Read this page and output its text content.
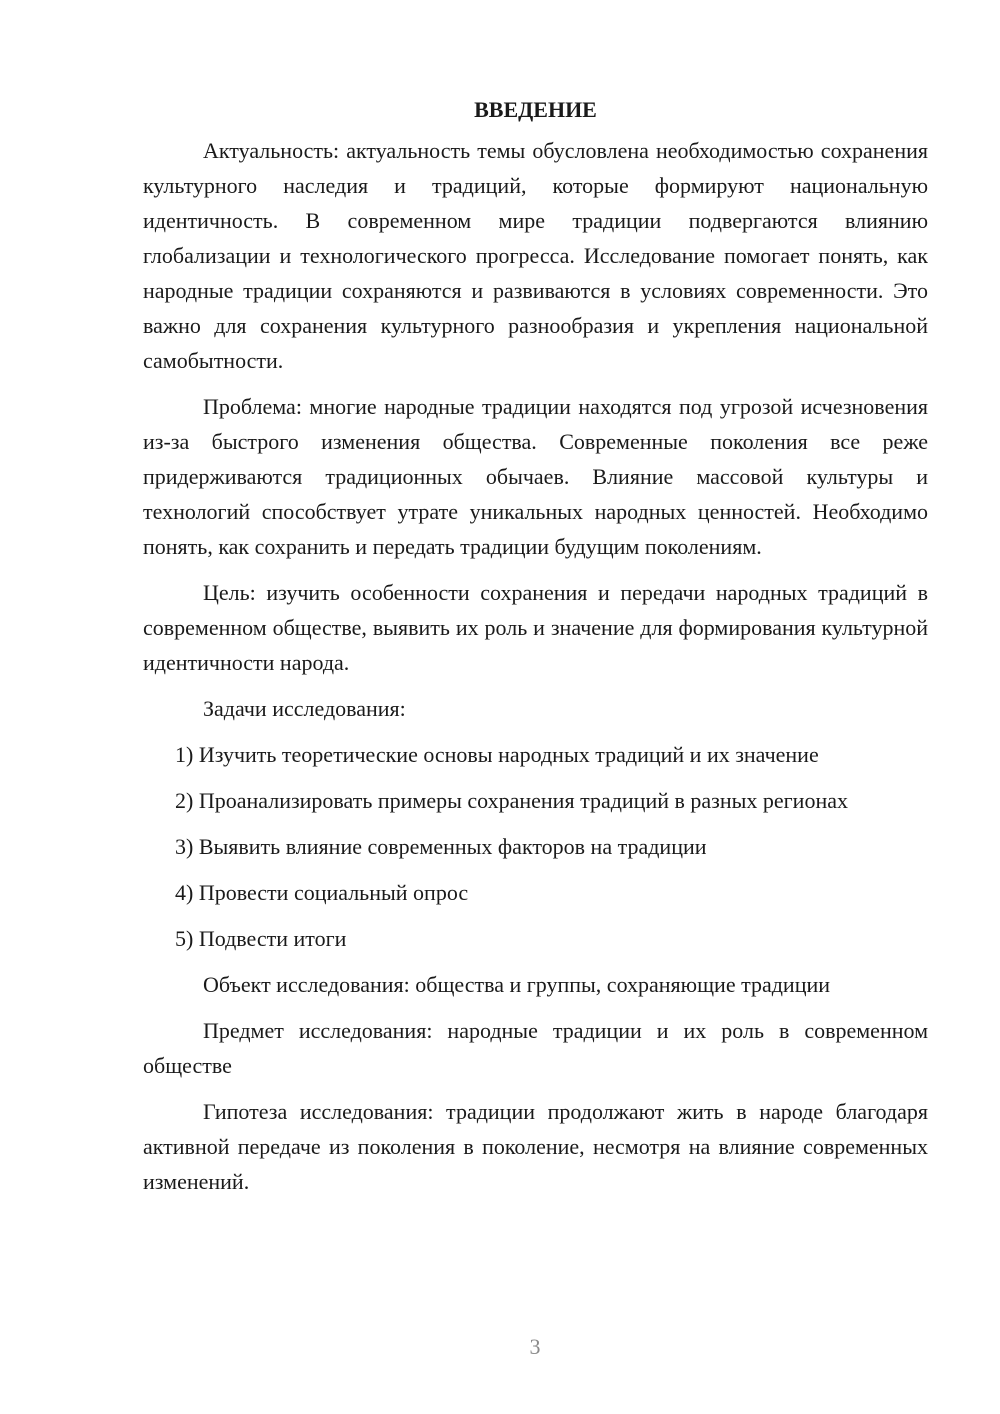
ВВЕДЕНИЕ

Актуальность: актуальность темы обусловлена необходимостью сохранения культурного наследия и традиций, которые формируют национальную идентичность. В современном мире традиции подвергаются влиянию глобализации и технологического прогресса. Исследование помогает понять, как народные традиции сохраняются и развиваются в условиях современности. Это важно для сохранения культурного разнообразия и укрепления национальной самобытности.

Проблема: многие народные традиции находятся под угрозой исчезновения из-за быстрого изменения общества. Современные поколения все реже придерживаются традиционных обычаев. Влияние массовой культуры и технологий способствует утрате уникальных народных ценностей. Необходимо понять, как сохранить и передать традиции будущим поколениям.

Цель: изучить особенности сохранения и передачи народных традиций в современном обществе, выявить их роль и значение для формирования культурной идентичности народа.

Задачи исследования:

1) Изучить теоретические основы народных традиций и их значение

2) Проанализировать примеры сохранения традиций в разных регионах

3) Выявить влияние современных факторов на традиции

4) Провести социальный опрос

5) Подвести итоги

Объект исследования: общества и группы, сохраняющие традиции

Предмет исследования: народные традиции и их роль в современном обществе

Гипотеза исследования: традиции продолжают жить в народе благодаря активной передаче из поколения в поколение, несмотря на влияние современных изменений.

3
